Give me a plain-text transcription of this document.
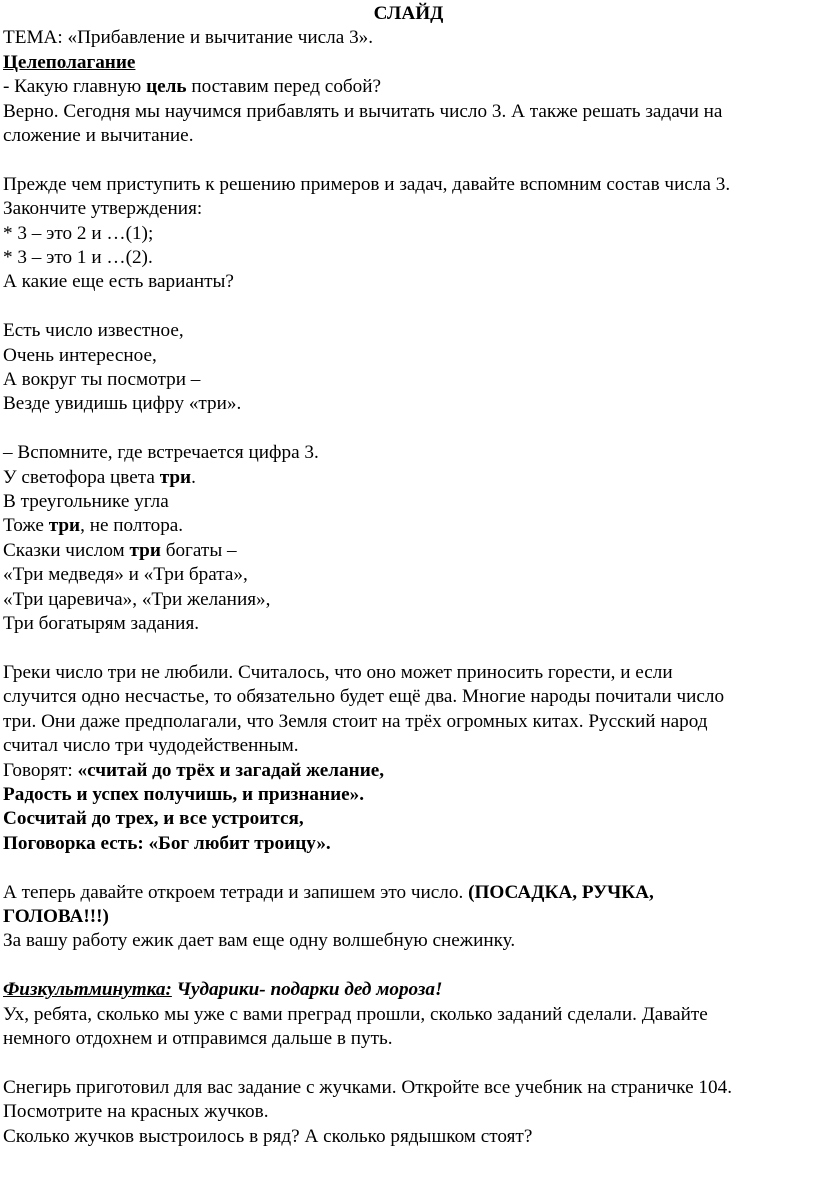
СЛАЙД
ТЕМА: «Прибавление и вычитание числа 3».
Целеполагание
- Какую главную цель поставим перед собой?
Верно. Сегодня мы научимся прибавлять и вычитать число 3. А также решать задачи на
сложение и вычитание.
Прежде чем приступить к решению примеров и задач, давайте вспомним состав числа 3.
Закончите утверждения:
* 3 – это 2 и …(1);
* 3 – это 1 и …(2).
А какие еще есть варианты?
Есть число известное,
Очень интересное,
А вокруг ты посмотри –
Везде увидишь цифру «три».
– Вспомните, где встречается цифра 3.
У светофора цвета три.
В треугольнике угла
Тоже три, не полтора.
Сказки числом три богаты –
«Три медведя» и «Три брата»,
«Три царевича», «Три желания»,
Три богатырям задания.
Греки число три не любили. Считалось, что оно может приносить горести, и если
случится одно несчастье, то обязательно будет ещё два. Многие народы почитали число
три. Они даже предполагали, что Земля стоит на трёх огромных китах. Русский народ
считал число три чудодейственным.
Говорят: «считай до трёх и загадай желание,
Радость и успех получишь, и признание».
Сосчитай до трех, и все устроится,
Поговорка есть: «Бог любит троицу».
А теперь давайте откроем тетради и запишем это число. (ПОСАДКА, РУЧКА,
ГОЛОВА!!!)
За вашу работу ежик дает вам еще одну волшебную снежинку.
Физкультминутка: Чударики- подарки дед мороза!
Ух, ребята, сколько мы уже с вами преград прошли, сколько заданий сделали. Давайте
немного отдохнем и отправимся дальше в путь.
Снегирь приготовил для вас задание с жучками. Откройте все учебник на страничке 104.
Посмотрите на красных жучков.
Сколько жучков выстроилось в ряд? А сколько рядышком стоят?
